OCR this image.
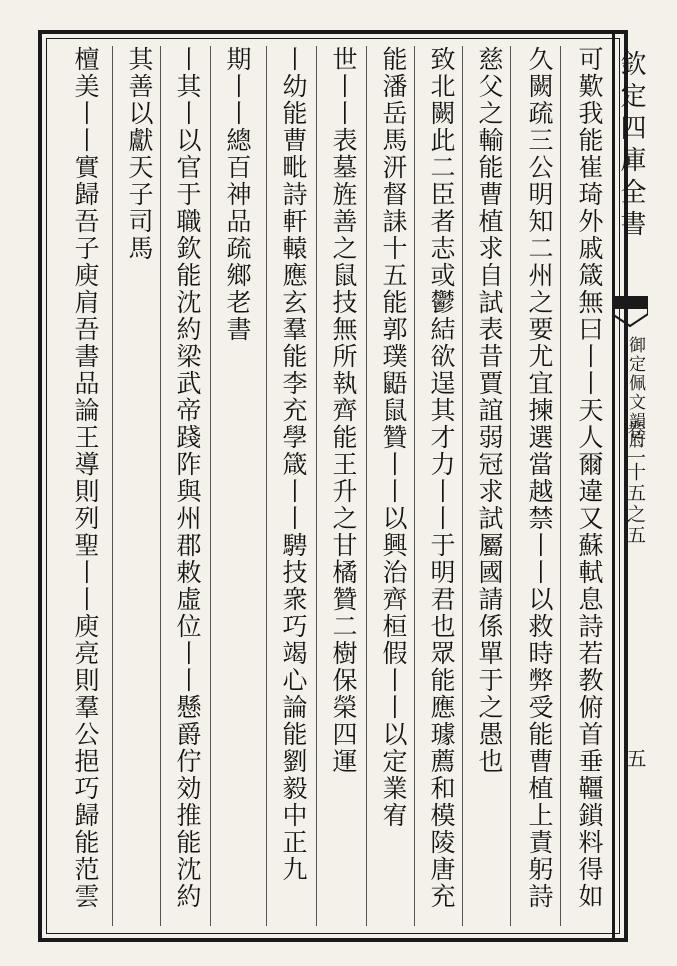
欽定四庫全書
御定佩文韻府
卷二十五之五
五
可歎我能崔琦外戚箴無曰丨丨天人爾違又蘇軾息詩若教俯首垂韁鎖料得如
久闕疏三公明知二州之要尤宜揀選當越禁丨丨以救時弊受能曹植上責躬詩
慈父之輸能曹植求自試表昔賈誼弱冠求試屬國請係單于之愚也
致北闕此二臣者志或鬱結欲逞其才力丨丨于明君也眾能應璩薦和模陵唐充
能潘岳馬汧督誄十五能郭璞鼯鼠贊丨丨以興治齊桓假丨丨以定業宥
世丨丨表墓旌善之鼠技無所執齊能王升之甘橘贊二樹保榮四運
丨幼能曹毗詩軒轅應玄羣能李充學箴丨丨騁技衆巧竭心論能劉毅中正九
期丨丨總百神品疏鄉老書
丨其丨以官于職欽能沈約梁武帝踐阼與州郡敕虛位丨丨懸爵佇効推能沈約
其善以獻天子司馬
檀美丨丨實歸吾子庾肩吾書品論王導則列聖丨丨庾亮則羣公挹巧歸能范雲
